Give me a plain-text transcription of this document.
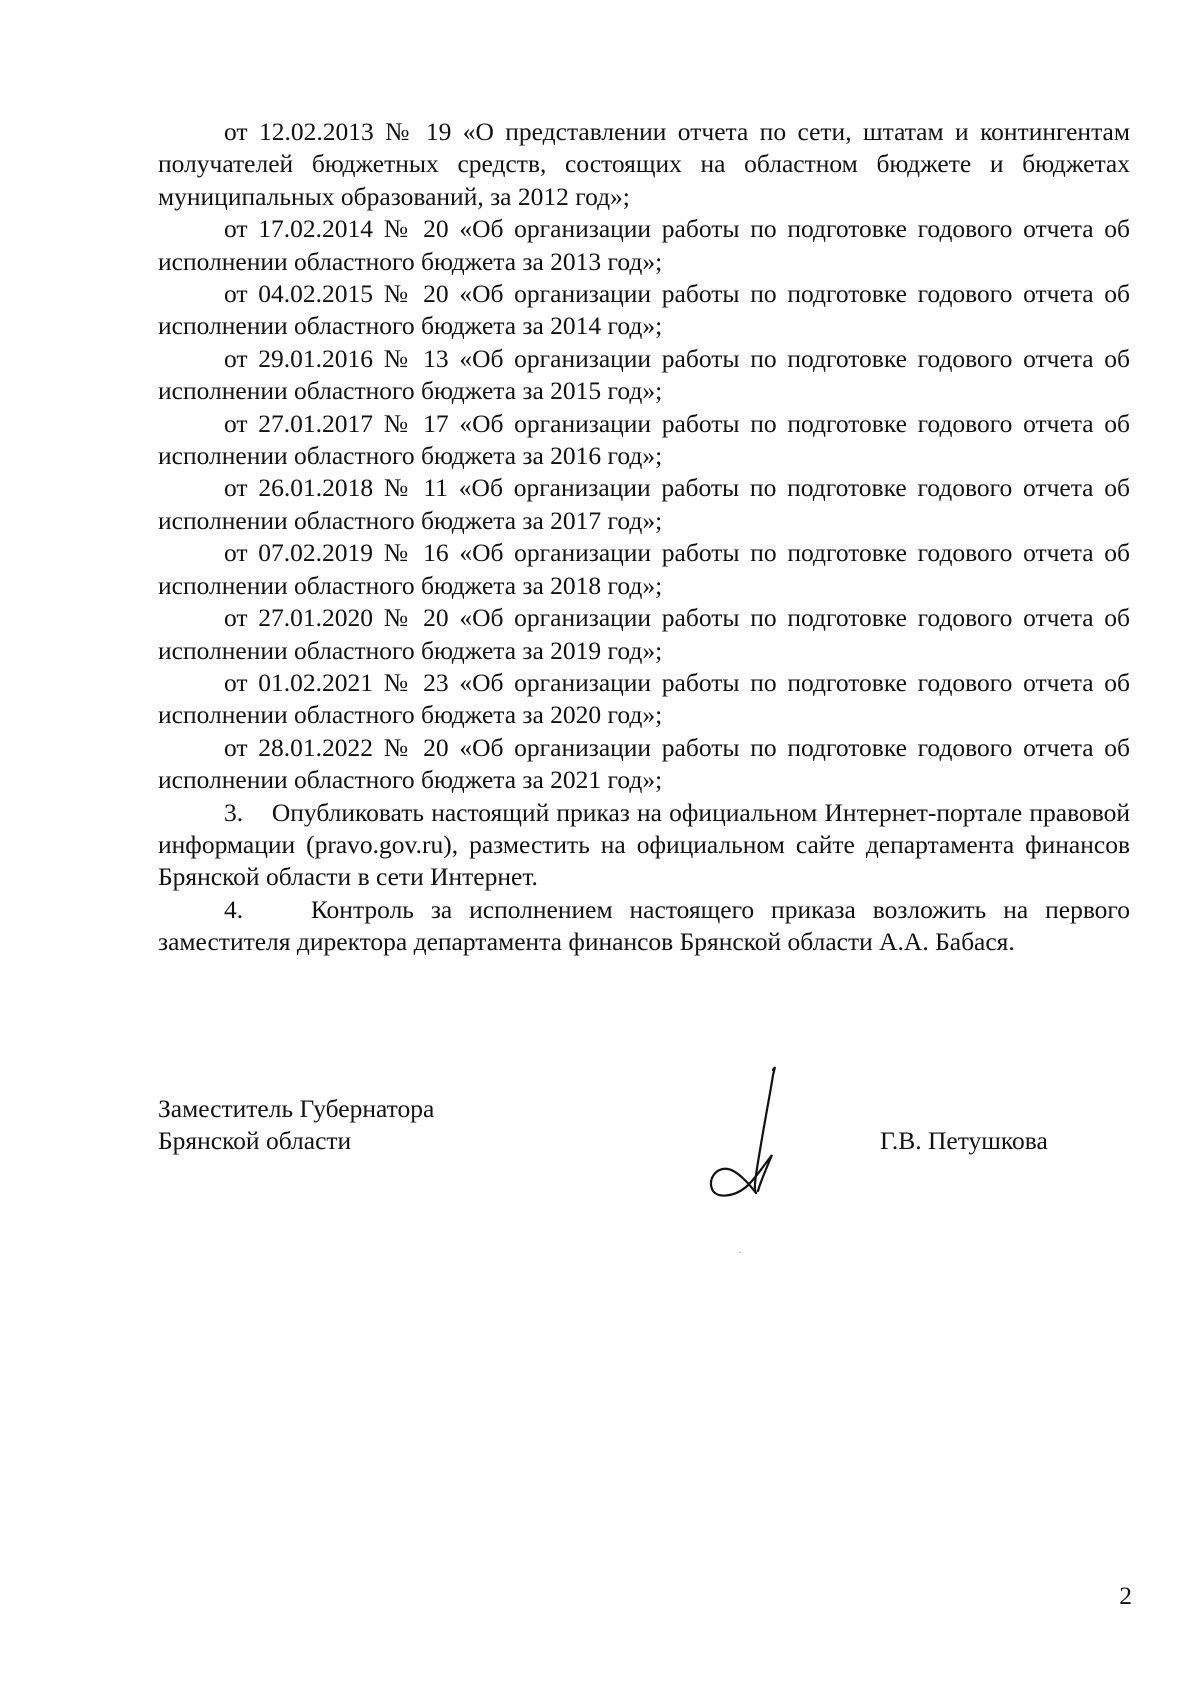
от 12.02.2013 № 19 «О представлении отчета по сети, штатам и контингентам получателей бюджетных средств, состоящих на областном бюджете и бюджетах муниципальных образований, за 2012 год»;

от 17.02.2014 № 20 «Об организации работы по подготовке годового отчета об исполнении областного бюджета за 2013 год»;

от 04.02.2015 № 20 «Об организации работы по подготовке годового отчета об исполнении областного бюджета за 2014 год»;

от 29.01.2016 № 13 «Об организации работы по подготовке годового отчета об исполнении областного бюджета за 2015 год»;

от 27.01.2017 № 17 «Об организации работы по подготовке годового отчета об исполнении областного бюджета за 2016 год»;

от 26.01.2018 № 11 «Об организации работы по подготовке годового отчета об исполнении областного бюджета за 2017 год»;

от 07.02.2019 № 16 «Об организации работы по подготовке годового отчета об исполнении областного бюджета за 2018 год»;

от 27.01.2020 № 20 «Об организации работы по подготовке годового отчета об исполнении областного бюджета за 2019 год»;

от 01.02.2021 № 23 «Об организации работы по подготовке годового отчета об исполнении областного бюджета за 2020 год»;

от 28.01.2022 № 20 «Об организации работы по подготовке годового отчета об исполнении областного бюджета за 2021 год»;

3. Опубликовать настоящий приказ на официальном Интернет-портале правовой информации (pravo.gov.ru), разместить на официальном сайте департамента финансов Брянской области в сети Интернет.

4.	Контроль за исполнением настоящего приказа возложить на первого заместителя директора департамента финансов Брянской области А.А. Бабася.

Заместитель Губернатора
Брянской области	Г.В. Петушкова
2
